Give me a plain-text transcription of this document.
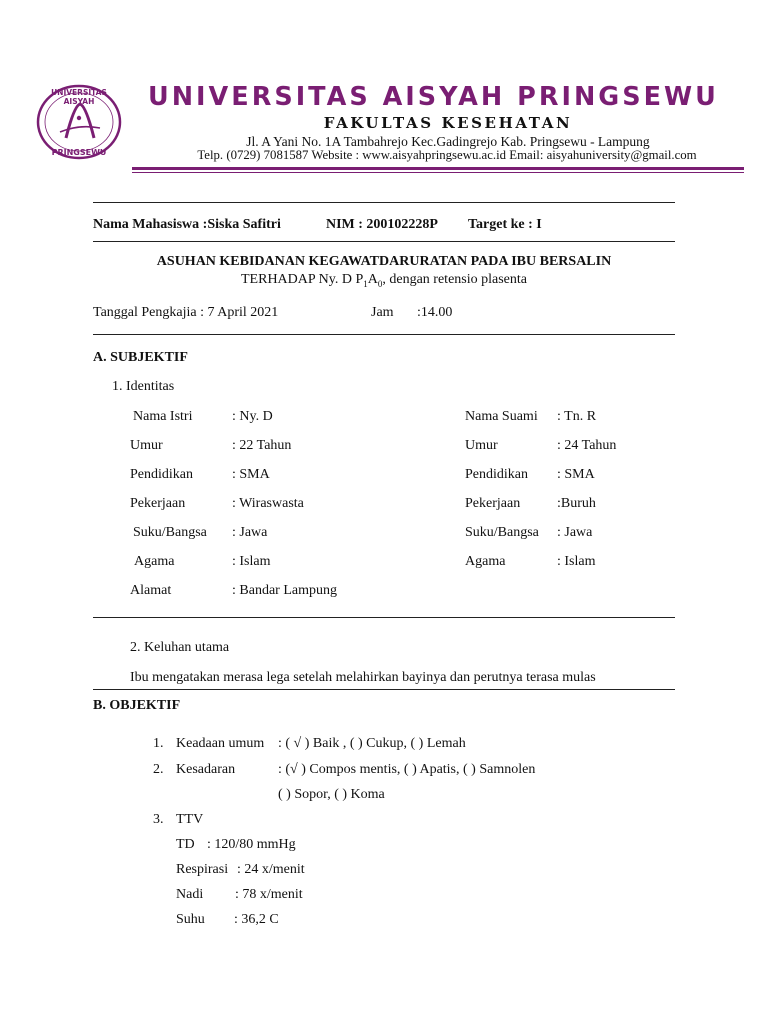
UNIVERSITAS AISYAH
PRINGSEWU
UNIVERSITAS AISYAH PRINGSEWU
FAKULTAS KESEHATAN
Jl. A Yani No. 1A Tambahrejo Kec.Gadingrejo Kab. Pringsewu - Lampung
Telp. (0729) 7081587 Website : www.aisyahpringsewu.ac.id Email: aisyahuniversity@gmail.com
Nama Mahasiswa :Siska Safitri	NIM : 200102228P Target ke : I
ASUHAN KEBIDANAN KEGAWATDARURATAN PADA IBU BERSALIN
TERHADAP Ny. D $P_1A_0$, dengan retensio plasenta
Tanggal Pengkajia : 7 April 2021	Jam :14.00
A. SUBJEKTIF
1. Identitas
Nama Istri	: Ny. D
Umur	: 22 Tahun
Pendidikan	: SMA
Pekerjaan	: Wiraswasta
Suku/Bangsa : Jawa
Agama	: Islam
Alamat	: Bandar Lampung
Nama Suami : Tn. R
Umur	: 24 Tahun
Pendidikan : SMA
Pekerjaan	:Buruh
Suku/Bangsa : Jawa
Agama	: Islam
2. Keluhan utama
Ibu mengatakan merasa lega setelah melahirkan bayinya dan perutnya terasa mulas
B. OBJEKTIF
1. Keadaan umum : ( √ ) Baik , ( ) Cukup, ( ) Lemah
2. Kesadaran	: (√ ) Compos mentis, ( ) Apatis, ( ) Samnolen
( ) Sopor, ( ) Koma
3. TTV
TD : 120/80 mmHg
Respirasi : 24 x/menit
Nadi : 78 x/menit
Suhu : 36,2 C
